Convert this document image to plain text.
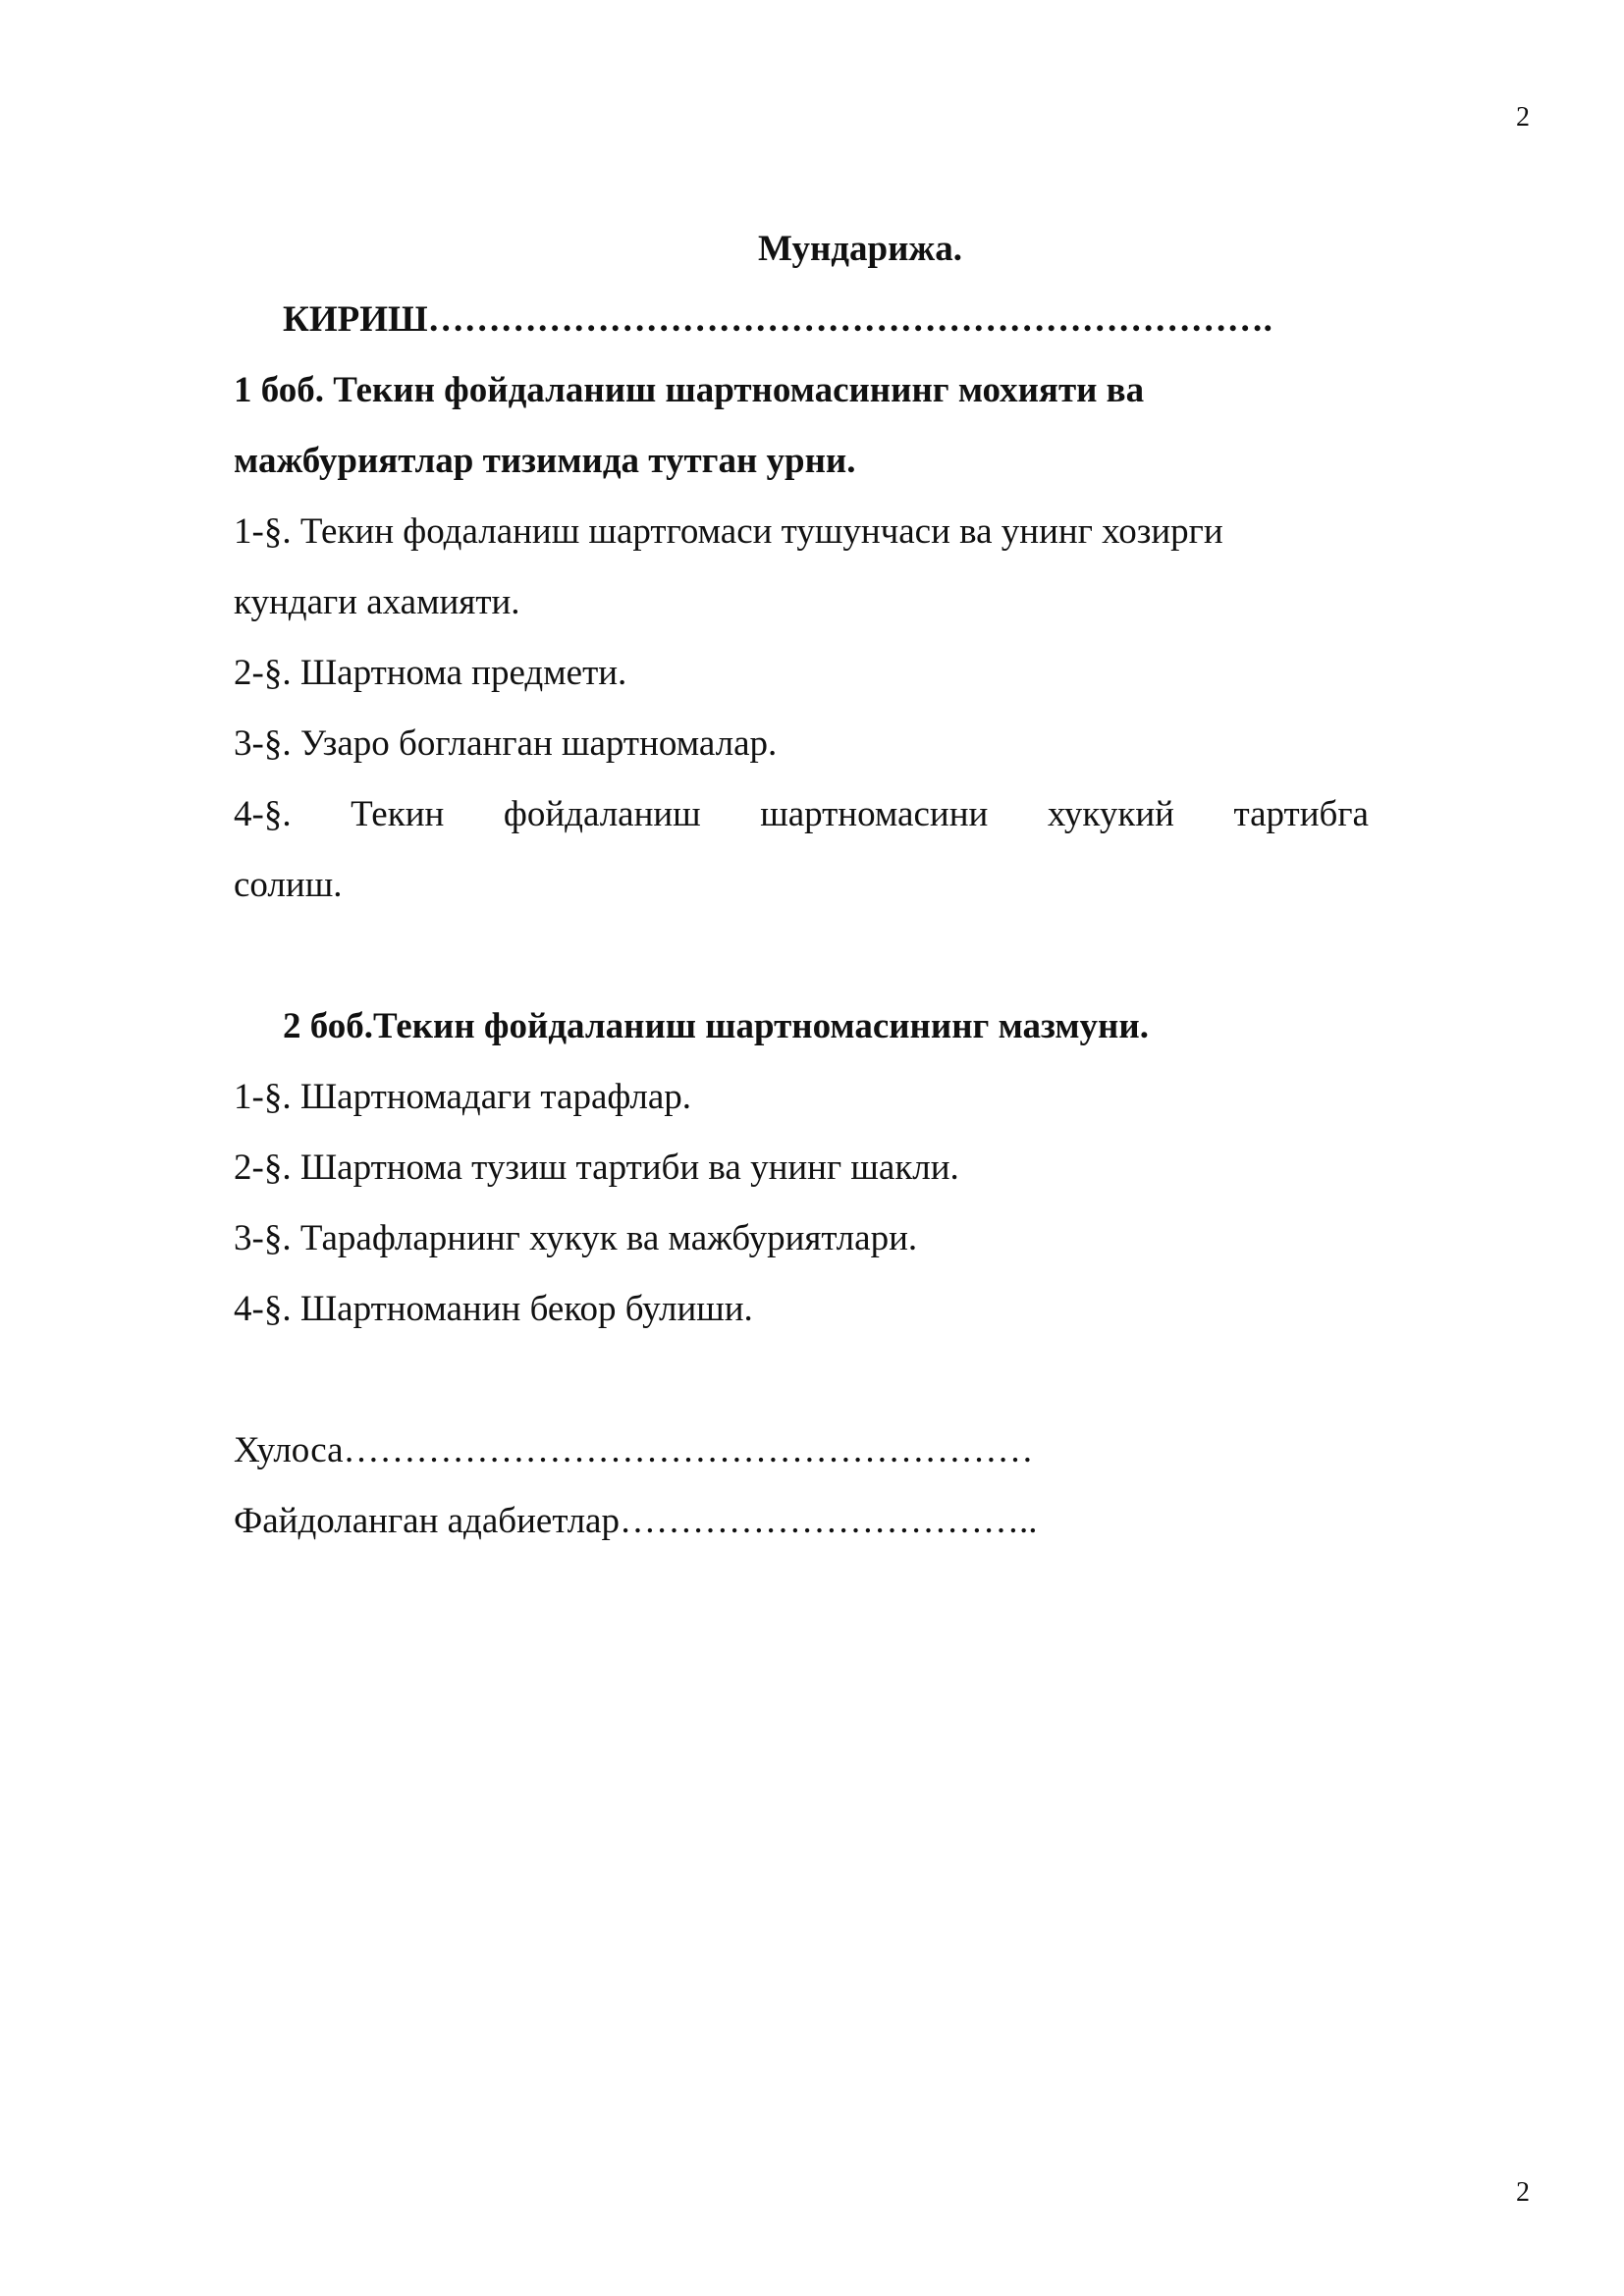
2
Мундарижа.
КИРИШ…………………………………………………………….
1 боб. Текин фойдаланиш шартномасининг мохияти ва
мажбуриятлар тизимида тутган урни.
1-§. Текин фодаланиш шартгомаси тушунчаси ва унинг хозирги
кундаги ахамияти.
2-§. Шартнома предмети.
3-§. Узаро богланган шартномалар.
4-§. Текин фойдаланиш шартномасини хукукий тартибга
солиш.
2 боб.Текин фойдаланиш шартномасининг мазмуни.
1-§. Шартномадаги тарафлар.
2-§. Шартнома тузиш тартиби ва унинг шакли.
3-§. Тарафларнинг хукук ва мажбуриятлари.
4-§. Шартноманин бекор булиши.
Хулоса…………………………………………………
Файдоланган адабиетлар……………………………..
2
